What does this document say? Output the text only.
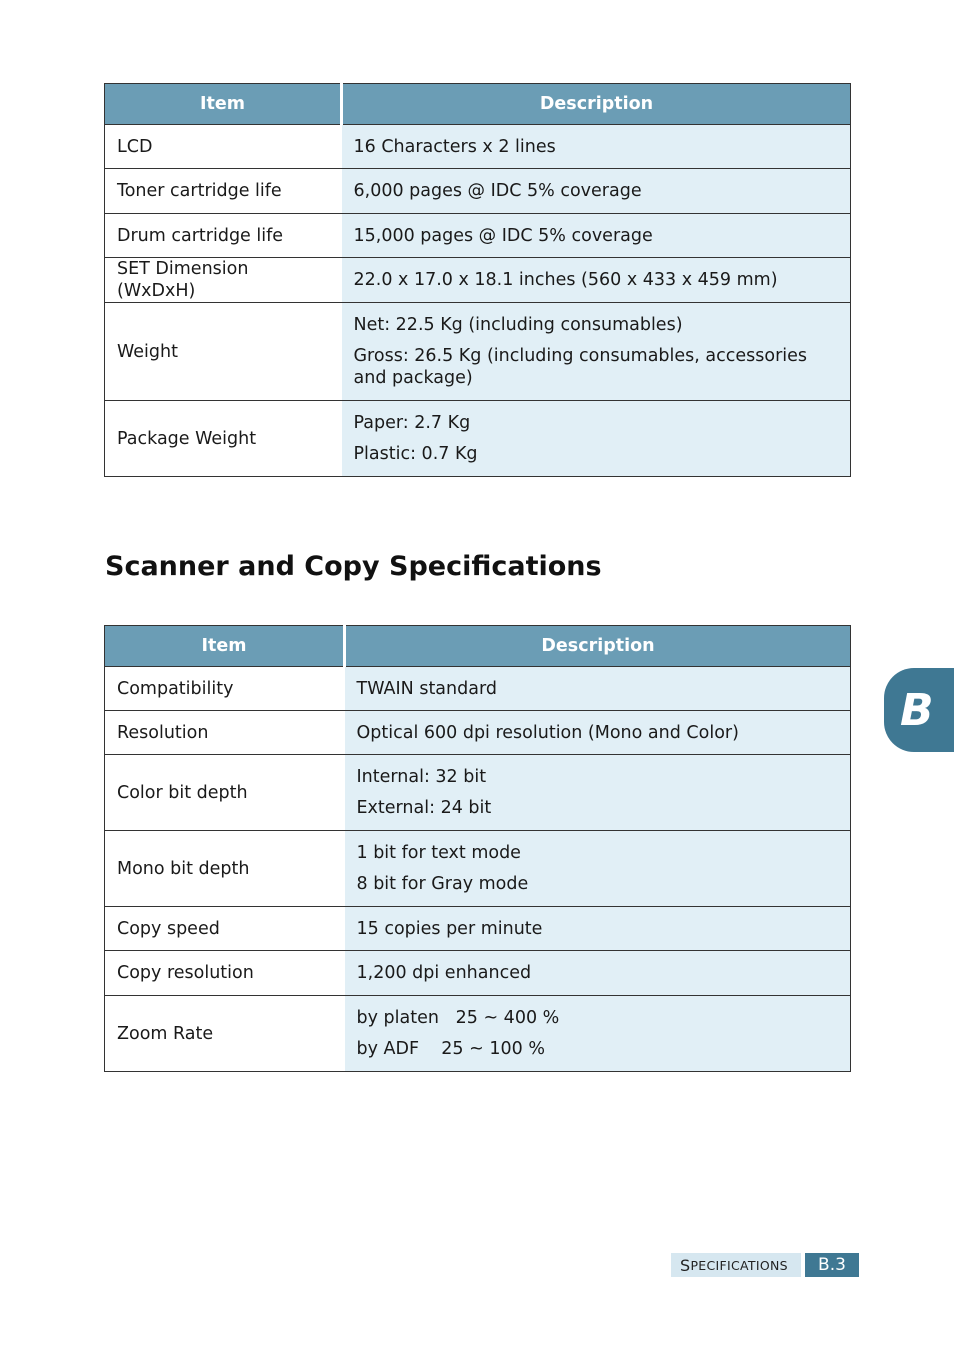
Item	Description
LCD	16 Characters x 2 lines

Toner cartridge life	6,000 pages @ IDC 5% coverage

Drum cartridge life	15,000 pages @ IDC 5% coverage

SET Dimension (WxDxH)	22.0 x 17.0 x 18.1 inches (560 x 433 x 459 mm)

Weight	Net: 22.5 Kg (including consumables)

Gross: 26.5 Kg (including consumables, accessories and package)

Package Weight	Paper: 2.7 Kg

Plastic: 0.7 Kg

Scanner and Copy Specifications
Item	Description
Compatibility	TWAIN standard

Resolution	Optical 600 dpi resolution (Mono and Color)

Color bit depth	Internal: 32 bit

External: 24 bit

Mono bit depth	1 bit for text mode

8 bit for Gray mode

Copy speed	15 copies per minute

Copy resolution	1,200 dpi enhanced

Zoom Rate	by platen   25 ~ 400 %

by ADF    25 ~ 100 %

B
S PECIFICATIONS	B.3
